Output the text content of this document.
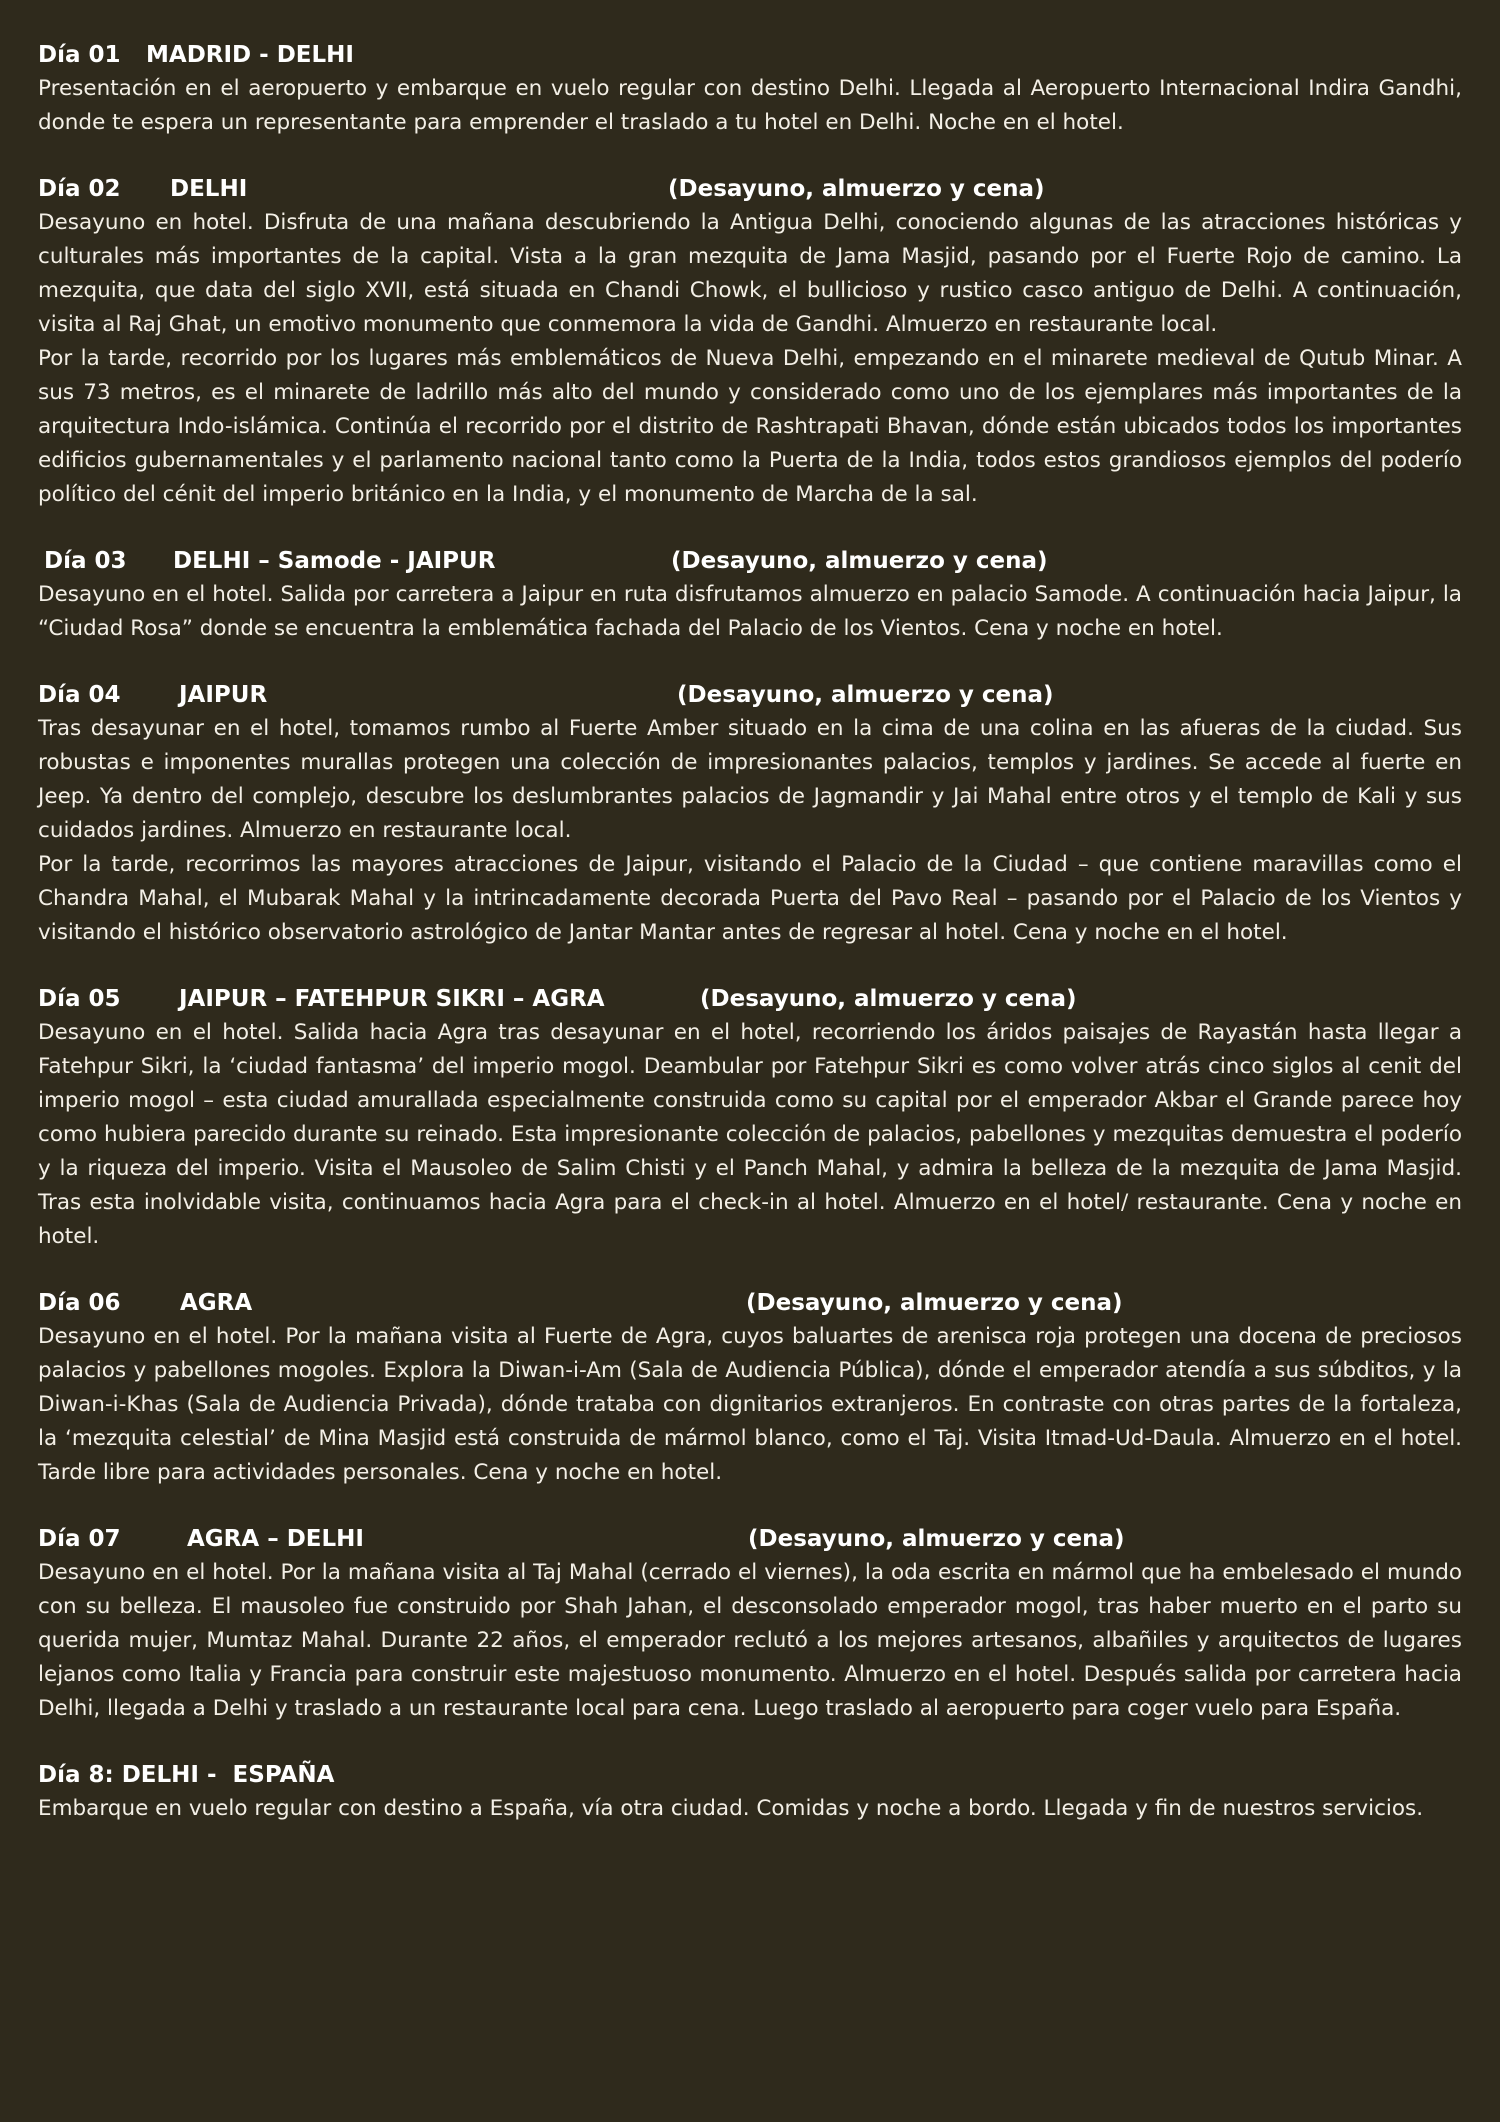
Día 01	MADRID - DELHI

Presentación en el aeropuerto y embarque en vuelo regular con destino Delhi. Llegada al Aeropuerto Internacional Indira Gandhi, donde te espera un representante para emprender el traslado a tu hotel en Delhi. Noche en el hotel.

Día 02	DELHI	(Desayuno, almuerzo y cena)

Desayuno en hotel. Disfruta de una mañana descubriendo la Antigua Delhi, conociendo algunas de las atracciones históricas y culturales más importantes de la capital. Vista a la gran mezquita de Jama Masjid, pasando por el Fuerte Rojo de camino. La mezquita, que data del siglo XVII, está situada en Chandi Chowk, el bullicioso y rustico casco antiguo de Delhi. A continuación, visita al Raj Ghat, un emotivo monumento que conmemora la vida de Gandhi. Almuerzo en restaurante local.

Por la tarde, recorrido por los lugares más emblemáticos de Nueva Delhi, empezando en el minarete medieval de Qutub Minar. A sus 73 metros, es el minarete de ladrillo más alto del mundo y considerado como uno de los ejemplares más importantes de la arquitectura Indo-islámica. Continúa el recorrido por el distrito de Rashtrapati Bhavan, dónde están ubicados todos los importantes edificios gubernamentales y el parlamento nacional tanto como la Puerta de la India, todos estos grandiosos ejemplos del poderío político del cénit del imperio británico en la India, y el monumento de Marcha de la sal.

Día 03	DELHI – Samode - JAIPUR	(Desayuno, almuerzo y cena)

Desayuno en el hotel. Salida por carretera a Jaipur en ruta disfrutamos almuerzo en palacio Samode. A continuación hacia Jaipur, la “Ciudad Rosa” donde se encuentra la emblemática fachada del Palacio de los Vientos. Cena y noche en hotel.

Día 04	JAIPUR	(Desayuno, almuerzo y cena)

Tras desayunar en el hotel, tomamos rumbo al Fuerte Amber situado en la cima de una colina en las afueras de la ciudad. Sus robustas e imponentes murallas protegen una colección de impresionantes palacios, templos y jardines. Se accede al fuerte en Jeep. Ya dentro del complejo, descubre los deslumbrantes palacios de Jagmandir y Jai Mahal entre otros y el templo de Kali y sus cuidados jardines. Almuerzo en restaurante local.

Por la tarde, recorrimos las mayores atracciones de Jaipur, visitando el Palacio de la Ciudad – que contiene maravillas como el Chandra Mahal, el Mubarak Mahal y la intrincadamente decorada Puerta del Pavo Real – pasando por el Palacio de los Vientos y visitando el histórico observatorio astrológico de Jantar Mantar antes de regresar al hotel. Cena y noche en el hotel.

Día 05	JAIPUR – FATEHPUR SIKRI – AGRA	(Desayuno, almuerzo y cena)

Desayuno en el hotel. Salida hacia Agra tras desayunar en el hotel, recorriendo los áridos paisajes de Rayastán hasta llegar a Fatehpur Sikri, la ‘ciudad fantasma’ del imperio mogol. Deambular por Fatehpur Sikri es como volver atrás cinco siglos al cenit del imperio mogol – esta ciudad amurallada especialmente construida como su capital por el emperador Akbar el Grande parece hoy como hubiera parecido durante su reinado. Esta impresionante colección de palacios, pabellones y mezquitas demuestra el poderío y la riqueza del imperio. Visita el Mausoleo de Salim Chisti y el Panch Mahal, y admira la belleza de la mezquita de Jama Masjid. Tras esta inolvidable visita, continuamos hacia Agra para el check-in al hotel. Almuerzo en el hotel/ restaurante. Cena y noche en hotel.

Día 06	AGRA	(Desayuno, almuerzo y cena)

Desayuno en el hotel. Por la mañana visita al Fuerte de Agra, cuyos baluartes de arenisca roja protegen una docena de preciosos palacios y pabellones mogoles. Explora la Diwan-i-Am (Sala de Audiencia Pública), dónde el emperador atendía a sus súbditos, y la Diwan-i-Khas (Sala de Audiencia Privada), dónde trataba con dignitarios extranjeros. En contraste con otras partes de la fortaleza, la ‘mezquita celestial’ de Mina Masjid está construida de mármol blanco, como el Taj. Visita Itmad-Ud-Daula. Almuerzo en el hotel. Tarde libre para actividades personales. Cena y noche en hotel.

Día 07	AGRA – DELHI	(Desayuno, almuerzo y cena)

Desayuno en el hotel. Por la mañana visita al Taj Mahal (cerrado el viernes), la oda escrita en mármol que ha embelesado el mundo con su belleza. El mausoleo fue construido por Shah Jahan, el desconsolado emperador mogol, tras haber muerto en el parto su querida mujer, Mumtaz Mahal. Durante 22 años, el emperador reclutó a los mejores artesanos, albañiles y arquitectos de lugares lejanos como Italia y Francia para construir este majestuoso monumento. Almuerzo en el hotel. Después salida por carretera hacia Delhi, llegada a Delhi y traslado a un restaurante local para cena. Luego traslado al aeropuerto para coger vuelo para España.

Día 8: DELHI -  ESPAÑA

Embarque en vuelo regular con destino a España, vía otra ciudad. Comidas y noche a bordo. Llegada y fin de nuestros servicios.
